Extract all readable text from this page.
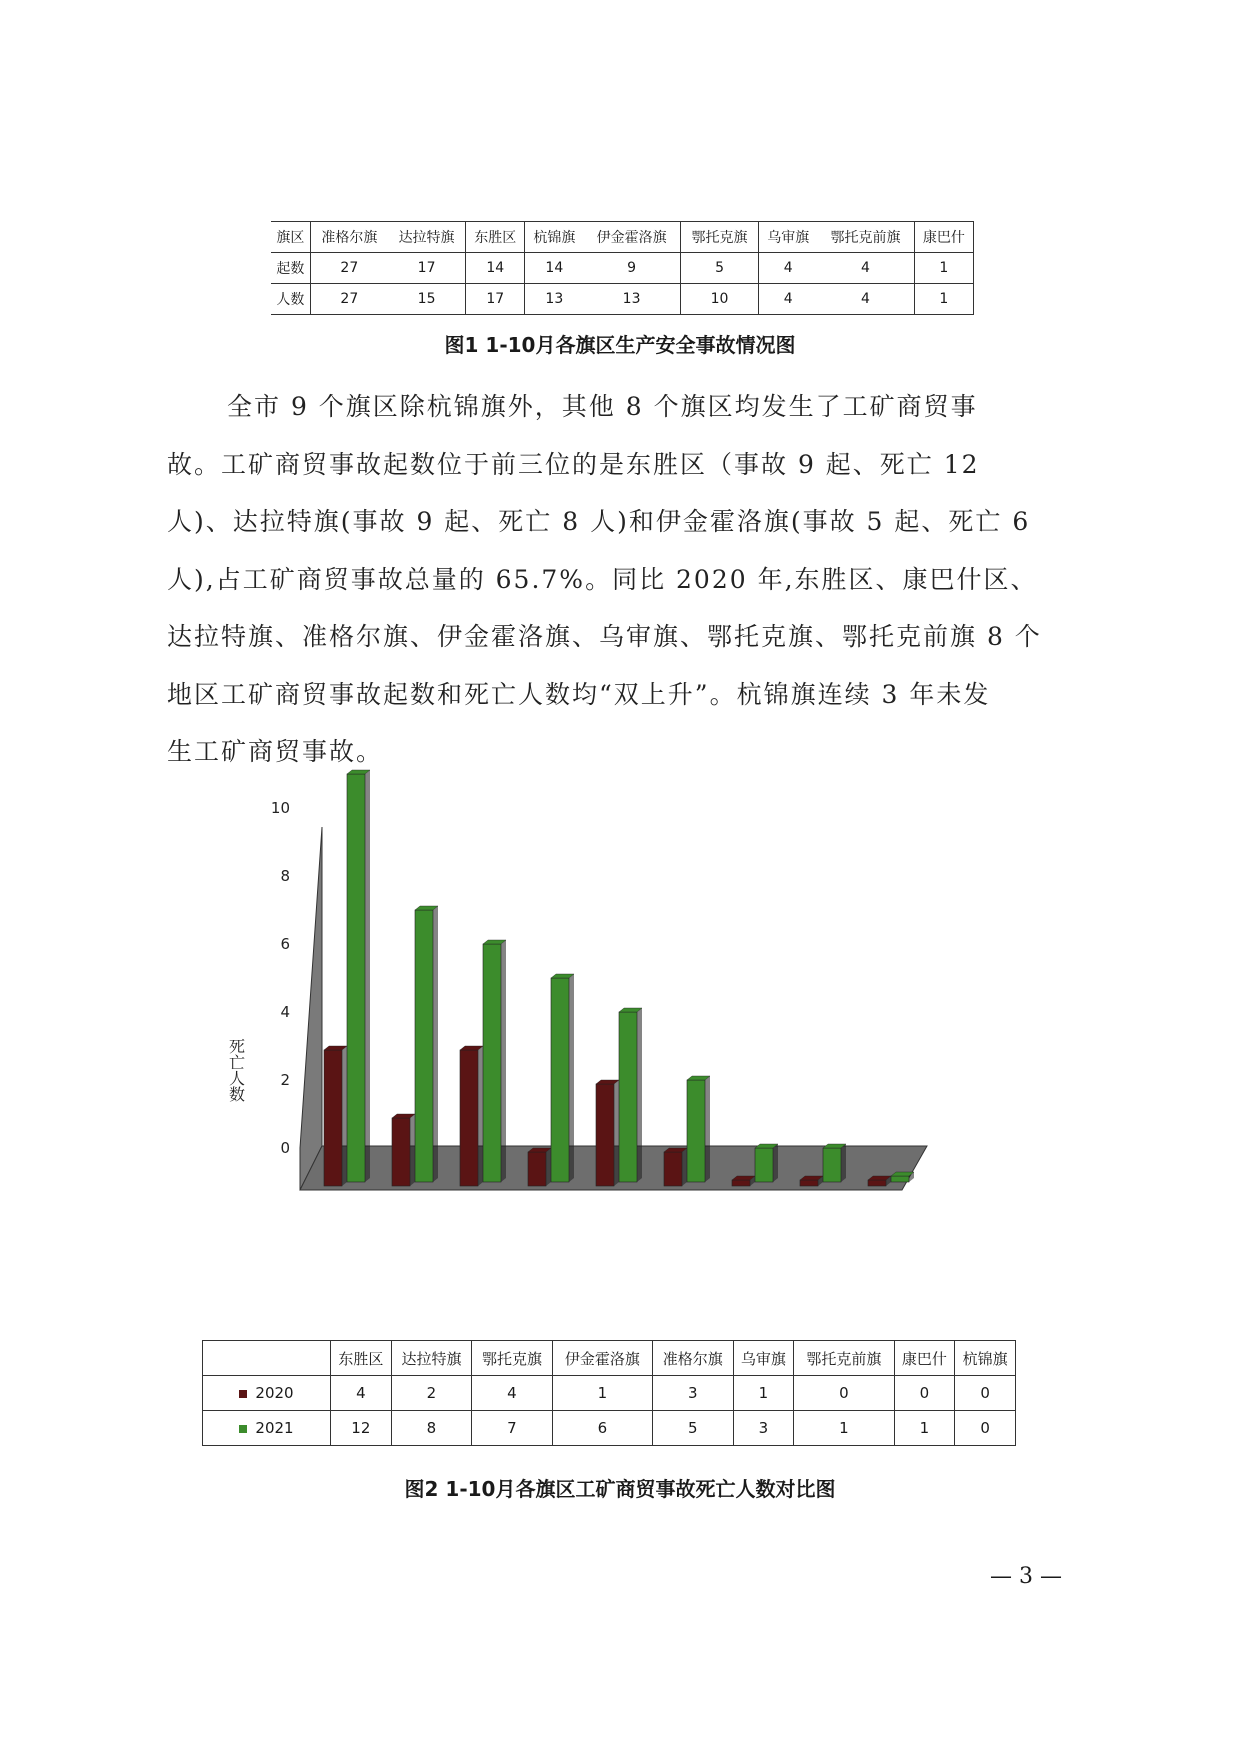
旗区	准格尔旗	达拉特旗	东胜区	杭锦旗	伊金霍洛旗	鄂托克旗	乌审旗	鄂托克前旗	康巴什
起数	27	17	14	14	9	5	4	4	1
人数	27	15	17	13	13	10	4	4	1
图1 1-10月各旗区生产安全事故情况图
全市 9 个旗区除杭锦旗外，其他 8 个旗区均发生了工矿商贸事
故。工矿商贸事故起数位于前三位的是东胜区（事故 9 起、死亡 12
人)、达拉特旗(事故 9 起、死亡 8 人)和伊金霍洛旗(事故 5 起、死亡 6
人),占工矿商贸事故总量的 65.7%。同比 2020 年,东胜区、康巴什区、
达拉特旗、准格尔旗、伊金霍洛旗、乌审旗、鄂托克旗、鄂托克前旗 8 个
地区工矿商贸事故起数和死亡人数均“双上升”。杭锦旗连续 3 年未发
生工矿商贸事故。
0
2
4
6
8
10
死亡人数
	东胜区	达拉特旗	鄂托克旗	伊金霍洛旗	准格尔旗	乌审旗	鄂托克前旗	康巴什	杭锦旗
2020	4	2	4	1	3	1	0	0	0
2021	12	8	7	6	5	3	1	1	0
图2 1-10月各旗区工矿商贸事故死亡人数对比图
— 3 —
